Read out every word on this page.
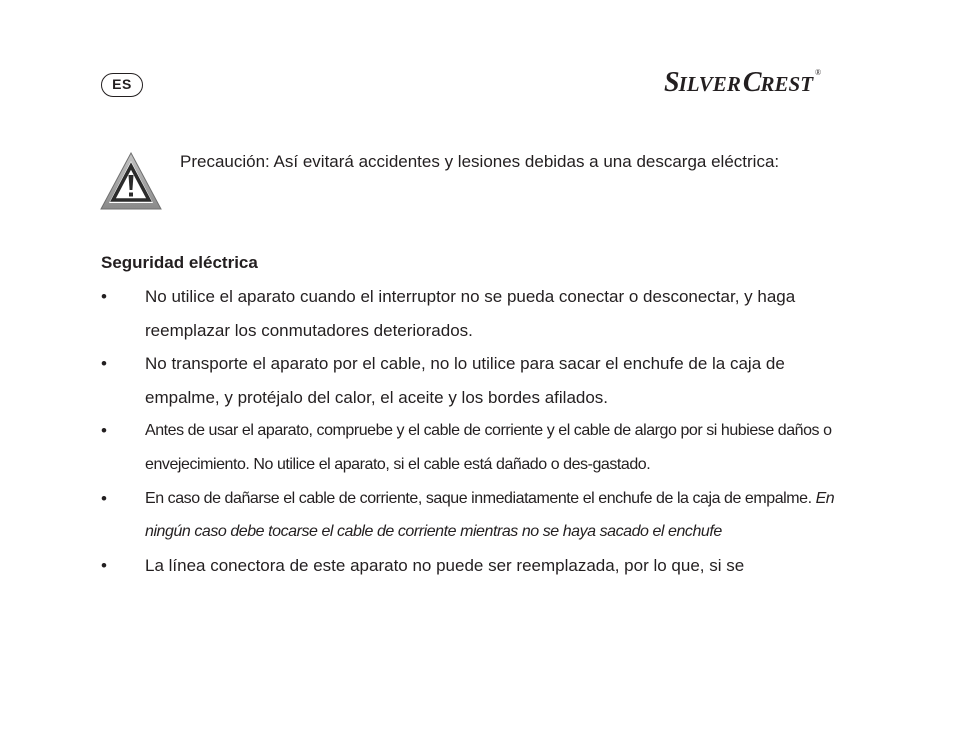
ES	SILVERCREST ®
Precaución: Así evitará accidentes y lesiones debidas a una descarga eléctrica:
Seguridad eléctrica
• No utilice el aparato cuando el interruptor no se pueda conectar o desconectar, y haga reemplazar los conmutadores deteriorados.
• No transporte el aparato por el cable, no lo utilice para sacar el enchufe de la caja de empalme, y protéjalo del calor, el aceite y los bordes afilados.
• Antes de usar el aparato, compruebe y el cable de corriente y el cable de alargo por si hubiese daños o envejecimiento. No utilice el aparato, si el cable está dañado o des-gastado.
• En caso de dañarse el cable de corriente, saque inmediatamente el enchufe de la caja de empalme. En ningún caso debe tocarse el cable de corriente mientras no se haya sacado el enchufe
• La línea conectora de este aparato no puede ser reemplazada, por lo que, si se
